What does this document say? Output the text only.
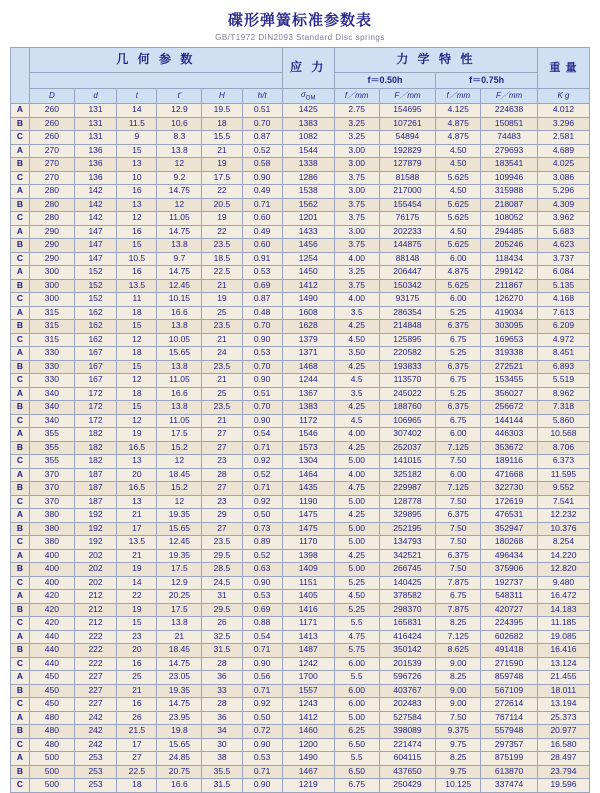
碟形弹簧标准参数表
GB/T1972 DIN2093 Standard Disc springs
	几 何 参 数						应 力	力 学 特 性				重 量
								f＝0.50h		f＝0.75h		
	D	d	t	t'	H	h/t	$\sigma_{OM}$	f／mm	F／mm	f／mm	F／mm	K g
A	260	131	14	12.9	19.5	0.51	1425	2.75	154695	4.125	224638	4.012
B	260	131	11.5	10.6	18	0.70	1383	3.25	107261	4.875	150851	3.296
C	260	131	9	8.3	15.5	0.87	1082	3.25	54894	4.875	74483	2.581
A	270	136	15	13.8	21	0.52	1544	3.00	192829	4.50	279693	4.689
B	270	136	13	12	19	0.58	1338	3.00	127879	4.50	183541	4.025
C	270	136	10	9.2	17.5	0.90	1286	3.75	81588	5.625	109946	3.086
A	280	142	16	14.75	22	0.49	1538	3.00	217000	4.50	315988	5.296
B	280	142	13	12	20.5	0.71	1562	3.75	155454	5.625	218087	4.309
C	280	142	12	11.05	19	0.60	1201	3.75	76175	5.625	108052	3.962
A	290	147	16	14.75	22	0.49	1433	3.00	202233	4.50	294485	5.683
B	290	147	15	13.8	23.5	0.60	1456	3.75	144875	5.625	205246	4.623
C	290	147	10.5	9.7	18.5	0.91	1254	4.00	88148	6.00	118434	3.737
A	300	152	16	14.75	22.5	0.53	1450	3.25	206447	4.875	299142	6.084
B	300	152	13.5	12.45	21	0.69	1412	3.75	150342	5.625	211867	5.135
C	300	152	11	10.15	19	0.87	1490	4.00	93175	6.00	126270	4.168
A	315	162	18	16.6	25	0.48	1608	3.5	286354	5.25	419034	7.613
B	315	162	15	13.8	23.5	0.70	1628	4.25	214848	6.375	303095	6.209
C	315	162	12	10.05	21	0.90	1379	4.50	125895	6.75	169653	4.972
A	330	167	18	15.65	24	0.53	1371	3.50	220582	5.25	319338	8.451
B	330	167	15	13.8	23.5	0.70	1468	4.25	193833	6.375	272521	6.893
C	330	167	12	11.05	21	0.90	1244	4.5	113570	6.75	153455	5.519
A	340	172	18	16.6	25	0.51	1367	3.5	245022	5.25	356027	8.962
B	340	172	15	13.8	23.5	0.70	1383	4.25	188760	6.375	256672	7.318
C	340	172	12	11.05	21	0.90	1172	4.5	106965	6.75	144144	5.860
A	355	182	19	17.5	27	0.54	1546	4.00	307402	6.00	446303	10.568
B	355	182	16.5	15.2	27	0.71	1573	4.25	252037	7.125	353672	8.706
C	355	182	13	12	23	0.92	1304	5.00	141015	7.50	189116	6.373
A	370	187	20	18.45	28	0.52	1464	4.00	325182	6.00	471668	11.595
B	370	187	16.5	15.2	27	0.71	1435	4.75	229987	7.125	322730	9.552
C	370	187	13	12	23	0.92	1190	5.00	128778	7.50	172619	7.541
A	380	192	21	19.35	29	0.50	1475	4.25	329895	6.375	476531	12.232
B	380	192	17	15.65	27	0.73	1475	5.00	252195	7.50	352947	10.376
C	380	192	13.5	12.45	23.5	0.89	1170	5.00	134793	7.50	180268	8.254
A	400	202	21	19.35	29.5	0.52	1398	4.25	342521	6.375	496434	14.220
B	400	202	19	17.5	28.5	0.63	1409	5.00	266745	7.50	375906	12.820
C	400	202	14	12.9	24.5	0.90	1151	5.25	140425	7.875	192737	9.480
A	420	212	22	20.25	31	0.53	1405	4.50	378582	6.75	548311	16.472
B	420	212	19	17.5	29.5	0.69	1416	5.25	298370	7.875	420727	14.183
C	420	212	15	13.8	26	0.88	1171	5.5	165831	8.25	224395	11.185
A	440	222	23	21	32.5	0.54	1413	4.75	416424	7.125	602682	19.085
B	440	222	20	18.45	31.5	0.71	1487	5.75	350142	8.625	491418	16.416
C	440	222	16	14.75	28	0.90	1242	6.00	201539	9.00	271590	13.124
A	450	227	25	23.05	36	0.56	1700	5.5	596726	8.25	859748	21.455
B	450	227	21	19.35	33	0.71	1557	6.00	403767	9.00	567109	18.011
C	450	227	16	14.75	28	0.92	1243	6.00	202483	9.00	272614	13.194
A	480	242	26	23.95	36	0.50	1412	5.00	527584	7.50	767114	25.373
B	480	242	21.5	19.8	34	0.72	1460	6.25	398089	9.375	557948	20.977
C	480	242	17	15.65	30	0.90	1200	6.50	221474	9.75	297357	16.580
A	500	253	27	24.85	38	0.53	1490	5.5	604115	8.25	875199	28.497
B	500	253	22.5	20.75	35.5	0.71	1467	6.50	437650	9.75	613870	23.794
C	500	253	18	16.6	31.5	0.90	1219	6.75	250429	10.125	337474	19.596
